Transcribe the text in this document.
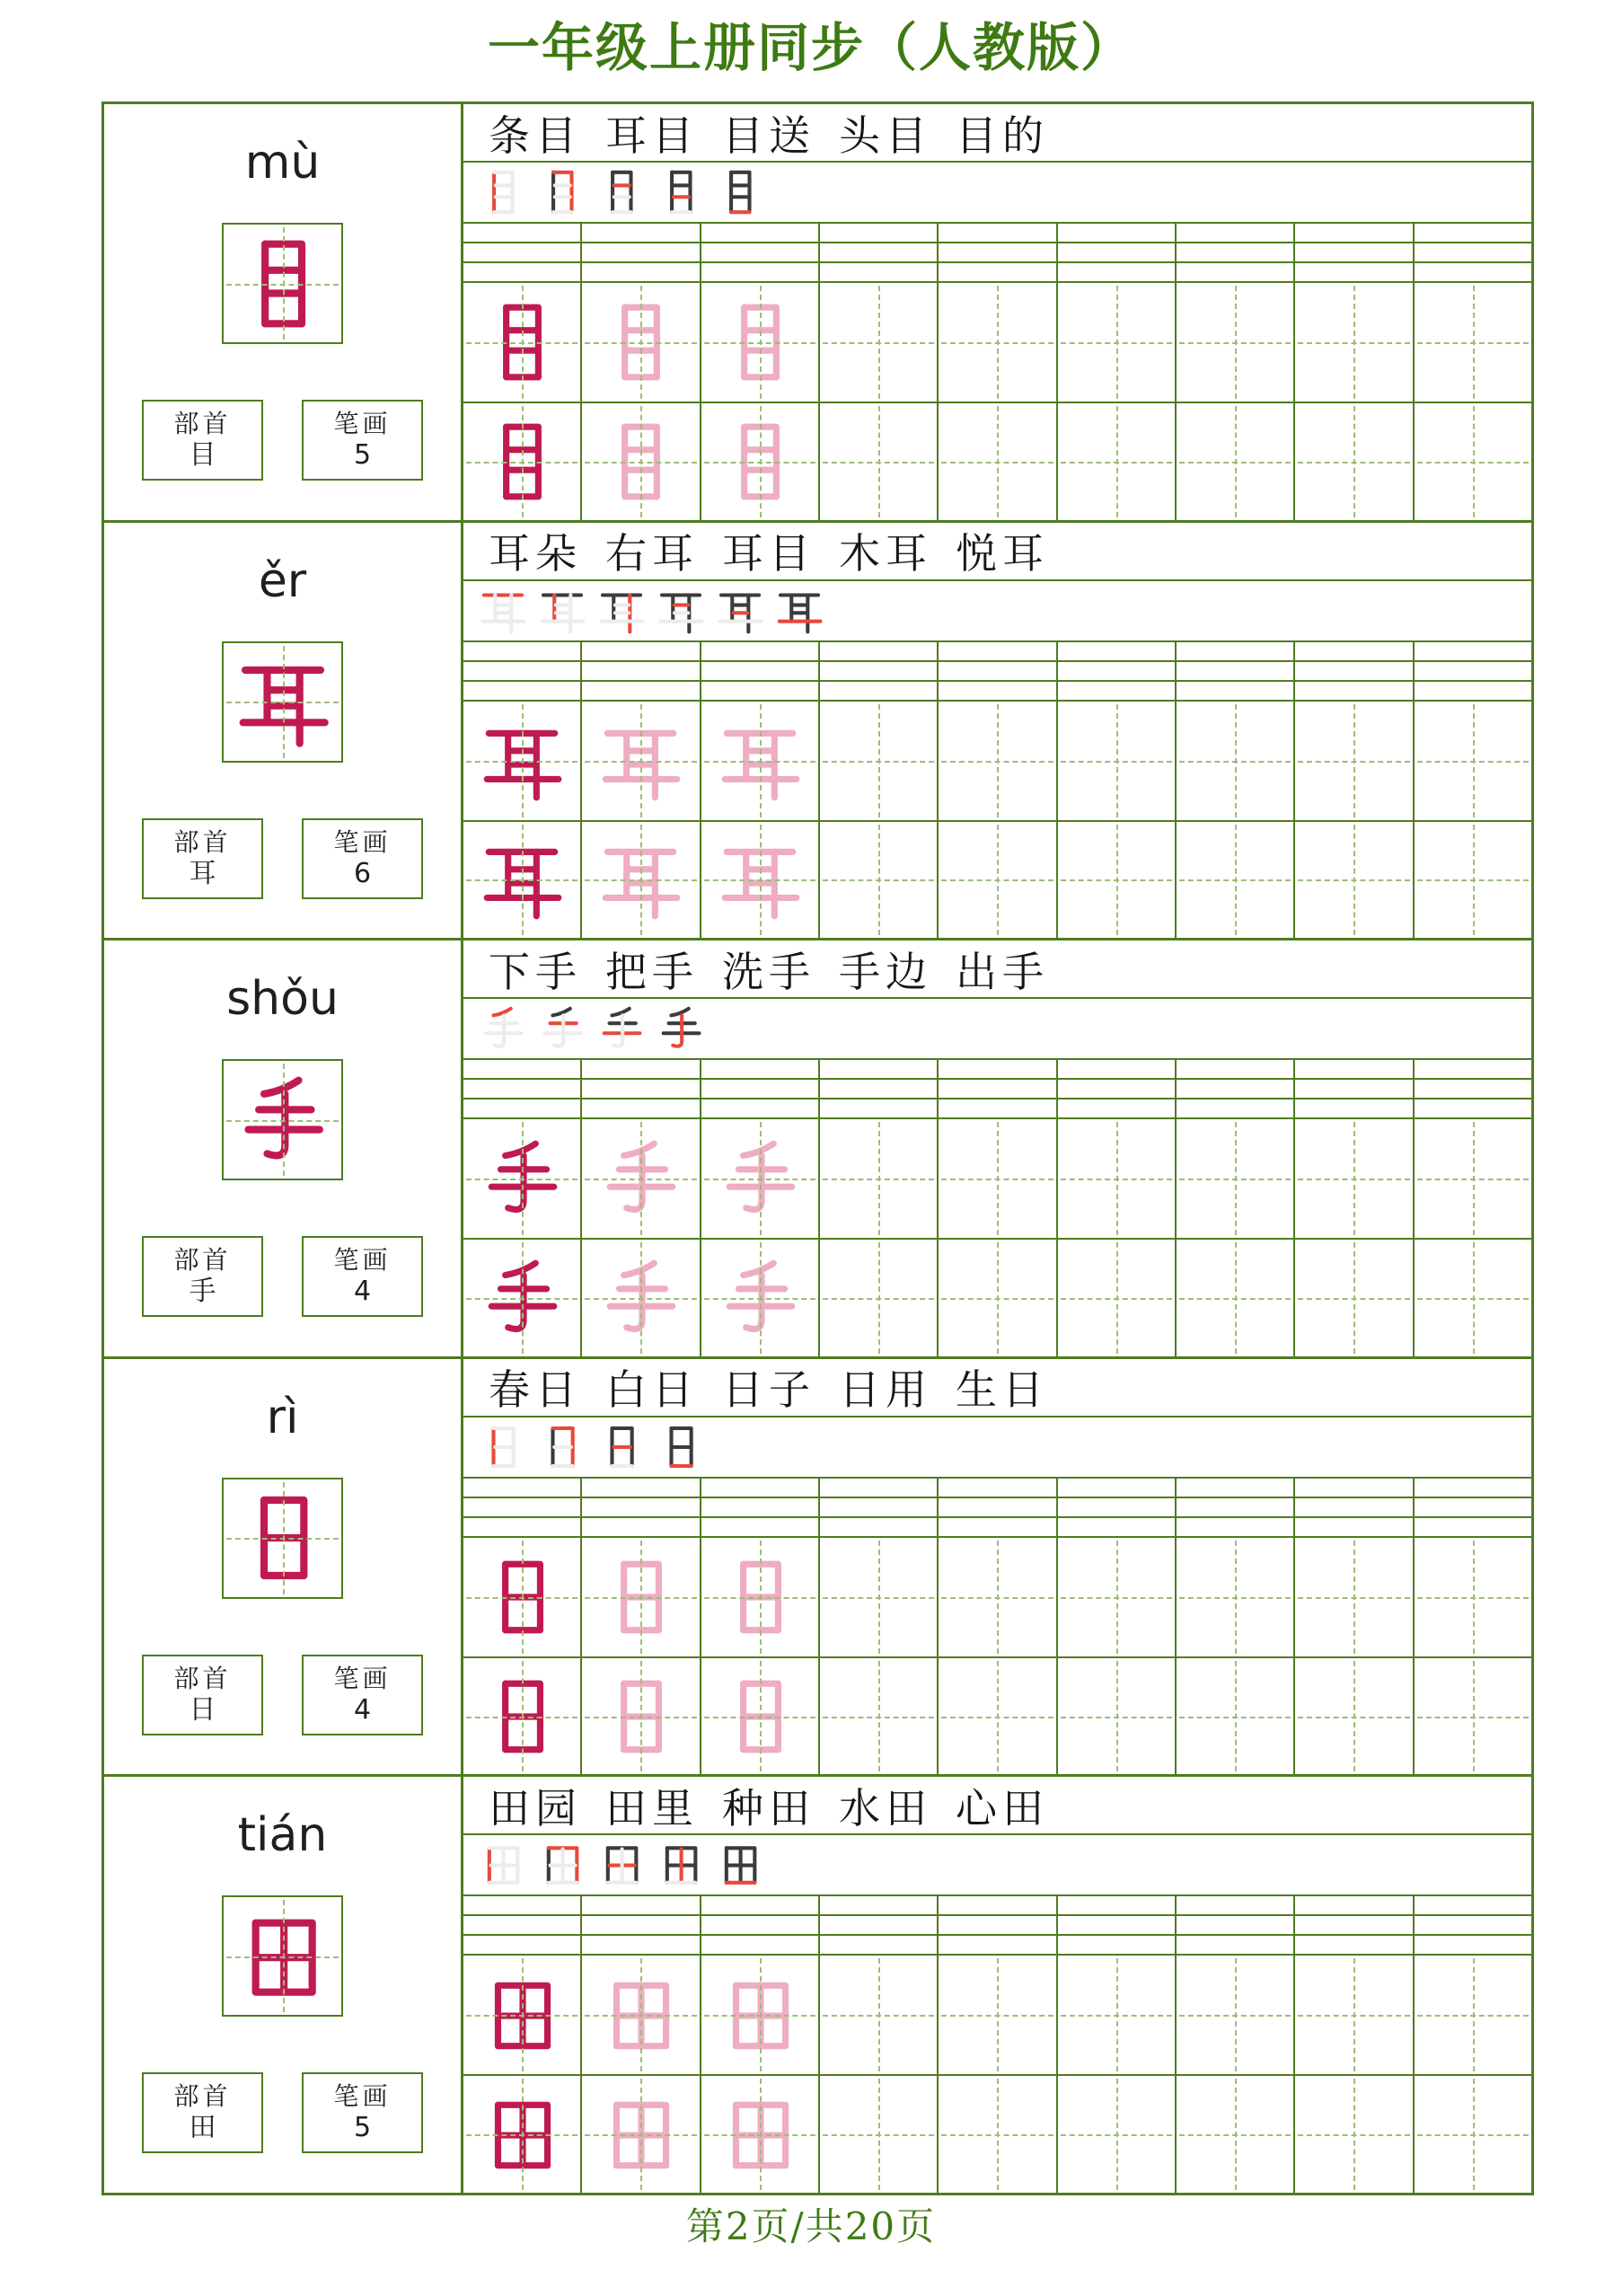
一年级上册同步（人教版）
mù
部首
目
笔画
5
条目 耳目 目送 头目 目的
ěr
部首
耳
笔画
6
耳朵 右耳 耳目 木耳 悦耳
shǒu
部首
手
笔画
4
下手 把手 洗手 手边 出手
rì
部首
日
笔画
4
春日 白日 日子 日用 生日
tián
部首
田
笔画
5
田园 田里 种田 水田 心田
第2页/共20页
